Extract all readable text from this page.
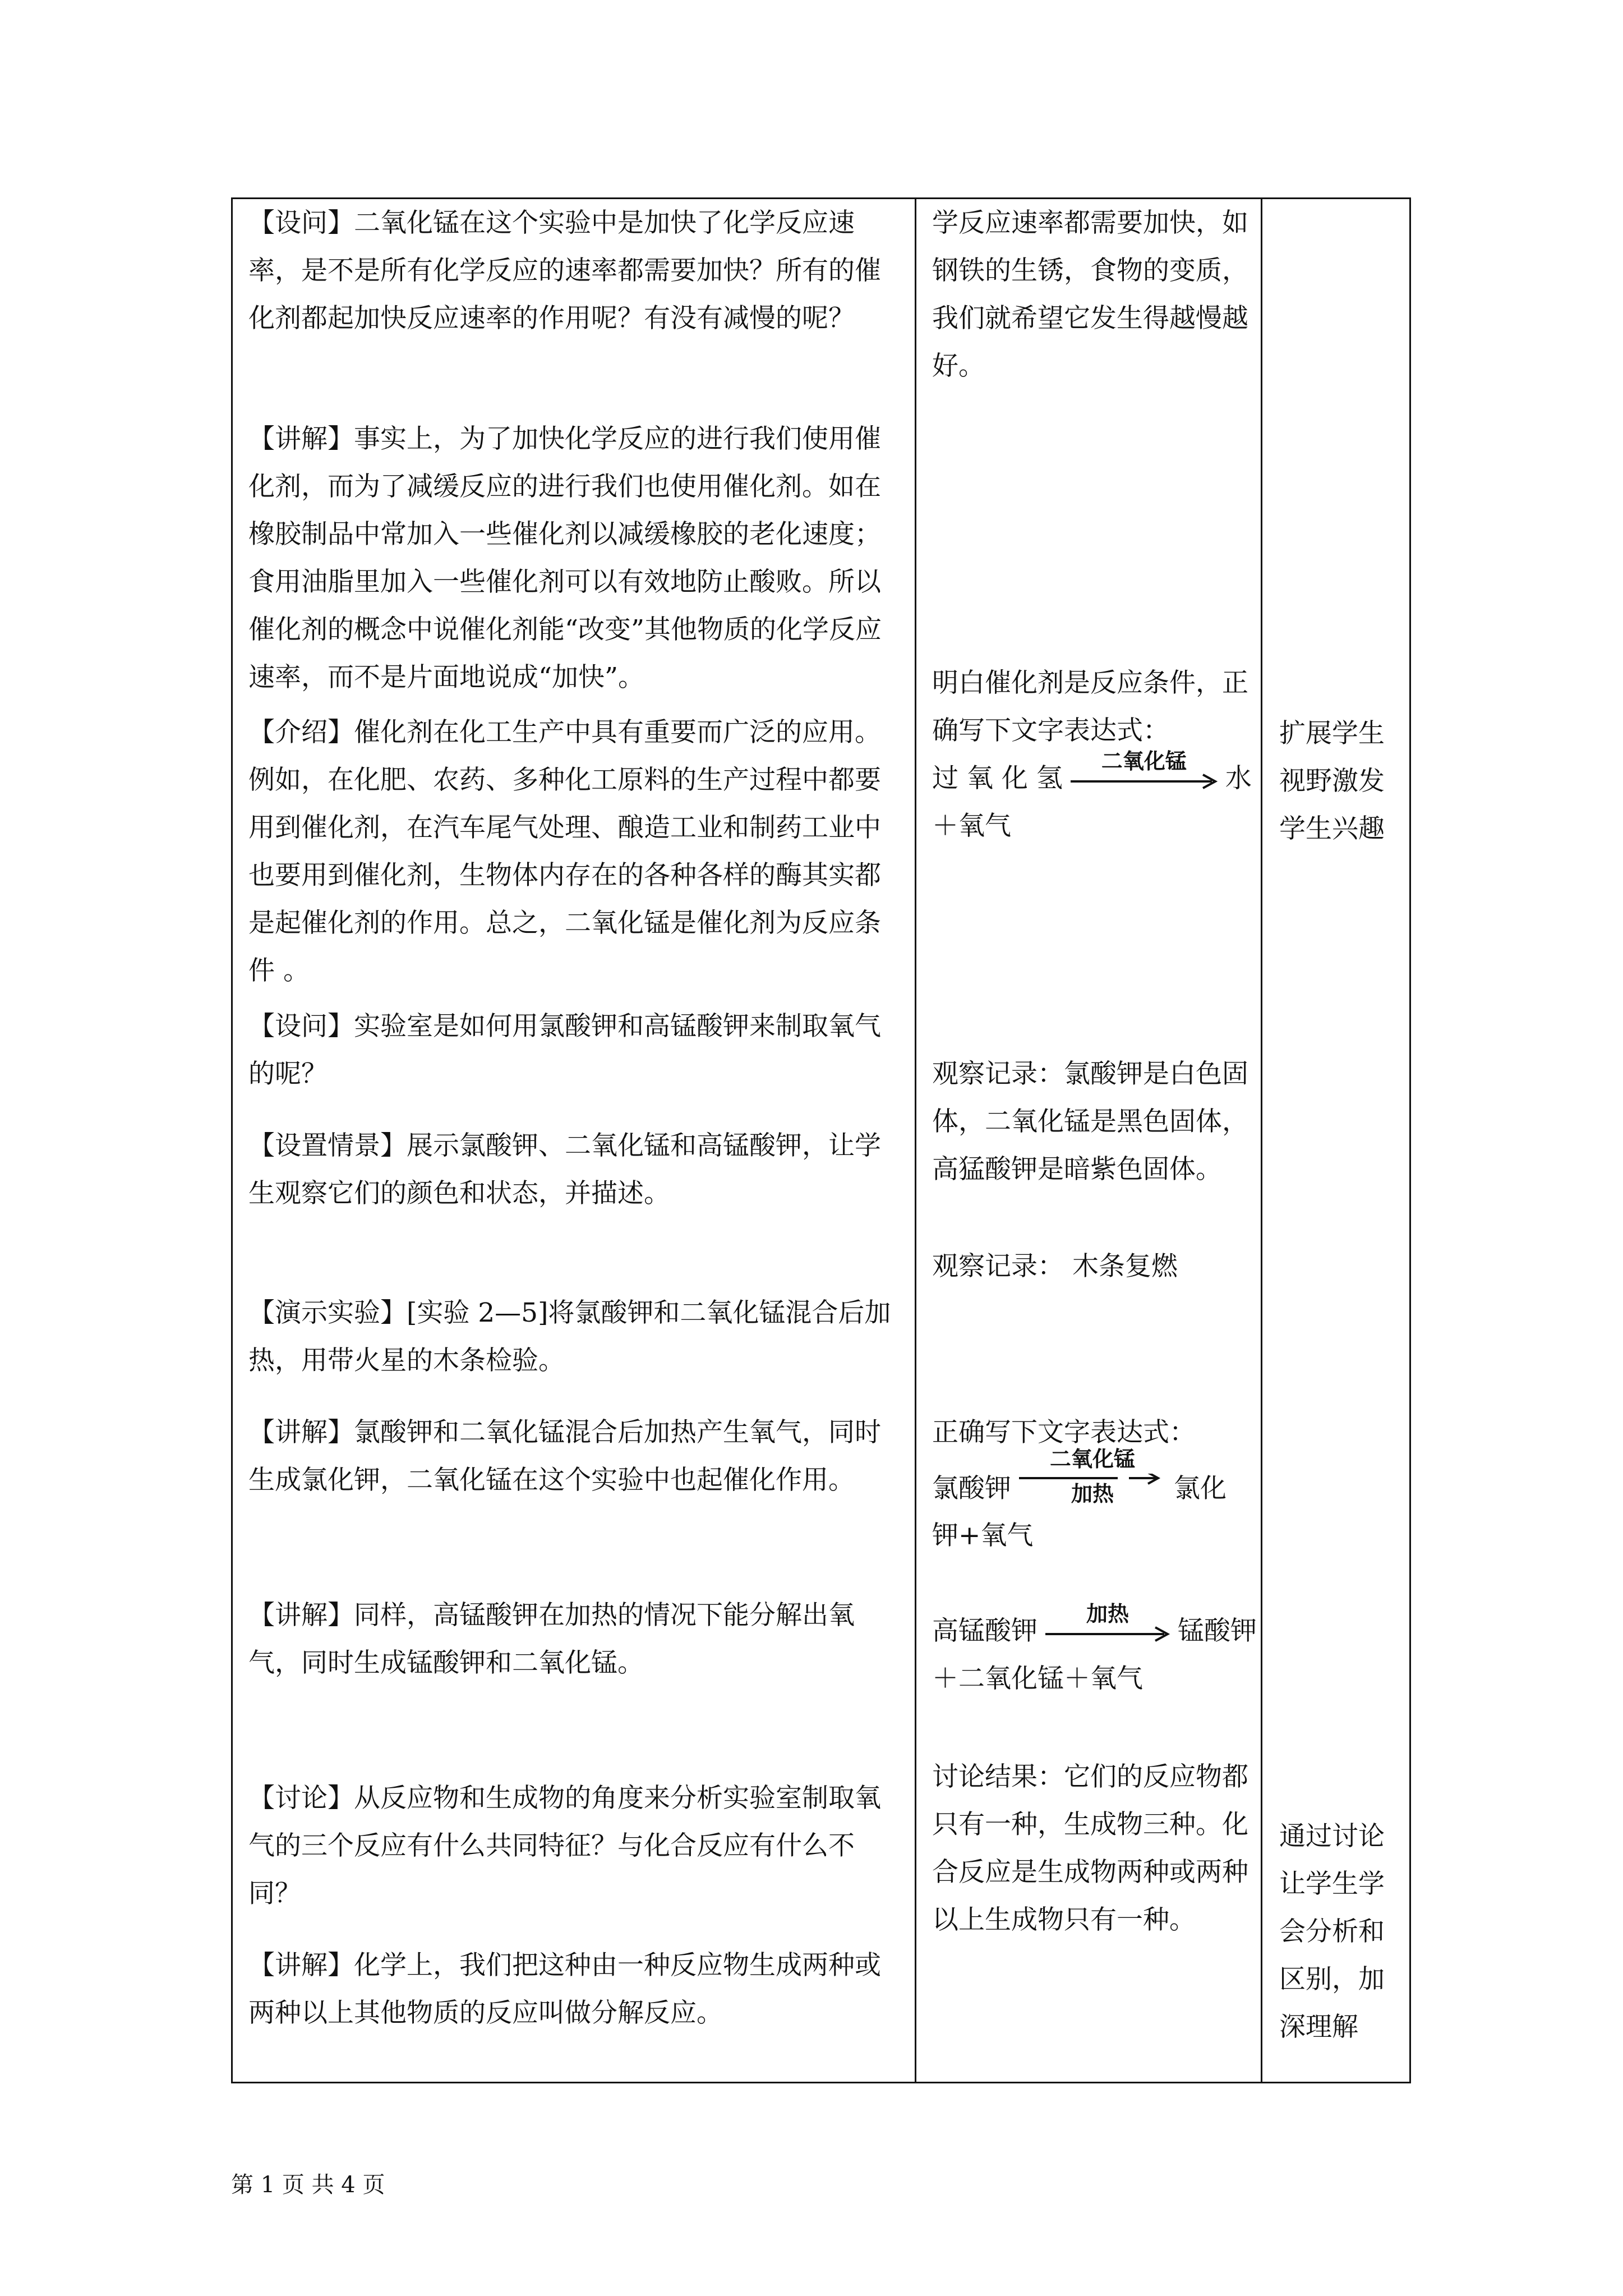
【设问】二氧化锰在这个实验中是加快了化学反应速率，是不是所有化学反应的速率都需要加快？所有的催化剂都起加快反应速率的作用呢？有没有减慢的呢？
【讲解】事实上，为了加快化学反应的进行我们使用催化剂，而为了减缓反应的进行我们也使用催化剂。如在橡胶制品中常加入一些催化剂以减缓橡胶的老化速度；食用油脂里加入一些催化剂可以有效地防止酸败。所以催化剂的概念中说催化剂能“改变”其他物质的化学反应速率，而不是片面地说成“加快”。
【介绍】催化剂在化工生产中具有重要而广泛的应用。例如，在化肥、农药、多种化工原料的生产过程中都要用到催化剂，在汽车尾气处理、酿造工业和制药工业中也要用到催化剂，生物体内存在的各种各样的酶其实都是起催化剂的作用。总之，二氧化锰是催化剂为反应条件 。
【设问】实验室是如何用氯酸钾和高锰酸钾来制取氧气的呢？
【设置情景】展示氯酸钾、二氧化锰和高锰酸钾，让学生观察它们的颜色和状态，并描述。
【演示实验】[实验 2—5]将氯酸钾和二氧化锰混合后加热，用带火星的木条检验。
【讲解】氯酸钾和二氧化锰混合后加热产生氧气，同时生成氯化钾，二氧化锰在这个实验中也起催化作用。
【讲解】同样，高锰酸钾在加热的情况下能分解出氧气，同时生成锰酸钾和二氧化锰。
【讨论】从反应物和生成物的角度来分析实验室制取氧气的三个反应有什么共同特征？与化合反应有什么不同？
【讲解】化学上，我们把这种由一种反应物生成两种或两种以上其他物质的反应叫做分解反应。
学反应速率都需要加快，如钢铁的生锈，食物的变质，我们就希望它发生得越慢越好。
明白催化剂是反应条件，正确写下文字表达式：
过 氧 化 氢
二氧化锰
水
＋氧气
观察记录：氯酸钾是白色固体，二氧化锰是黑色固体，高猛酸钾是暗紫色固体。
观察记录： 木条复燃
正确写下文字表达式：
氯酸钾
二氧化锰
加热	氯化
钾+氧气
高锰酸钾
加热
锰酸钾
＋二氧化锰＋氧气
讨论结果：它们的反应物都只有一种，生成物三种。化合反应是生成物两种或两种以上生成物只有一种。
扩展学生视野激发学生兴趣
通过讨论让学生学会分析和区别，加深理解
第 1 页 共 4 页
